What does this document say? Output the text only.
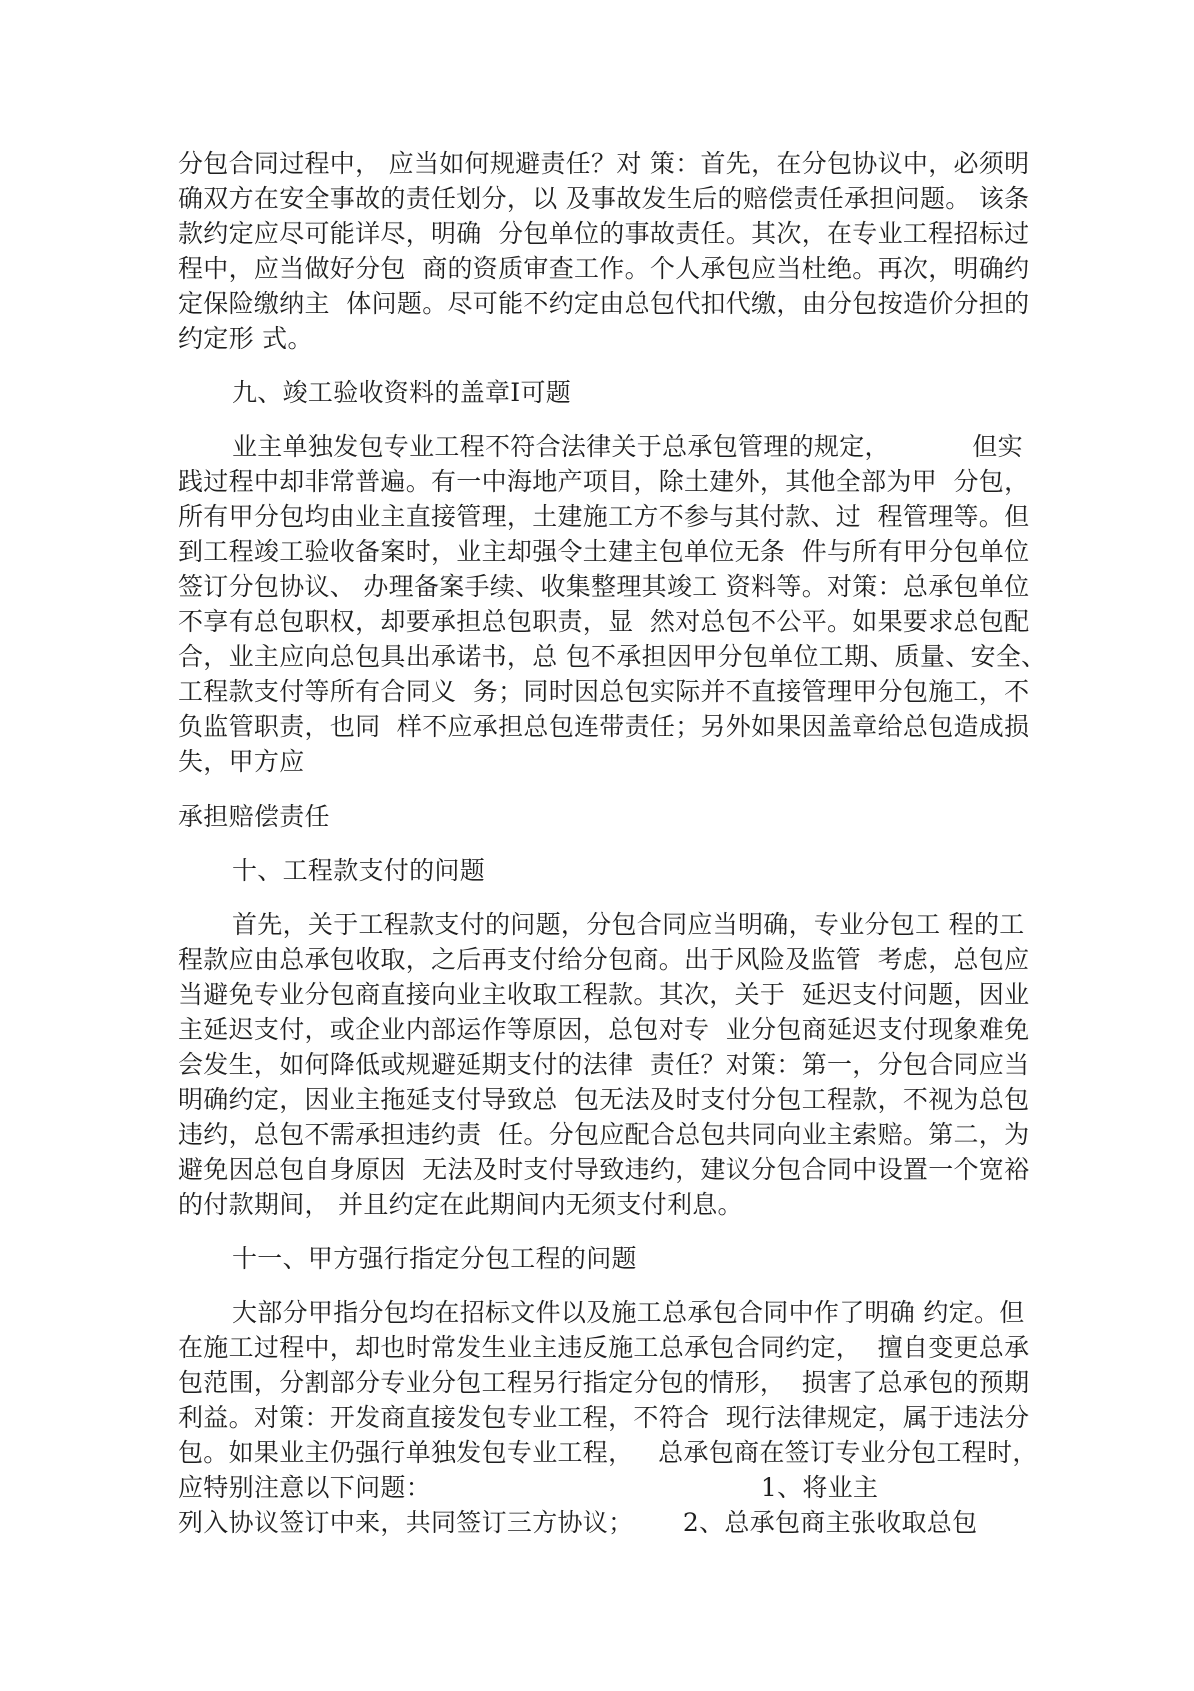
分包合同过程中， 应当如何规避责任？对 策：首先，在分包协议中，必须明
确双方在安全事故的责任划分，以 及事故发生后的赔偿责任承担问题。 该条
款约定应尽可能详尽，明确  分包单位的事故责任。其次，在专业工程招标过
程中，应当做好分包  商的资质审查工作。个人承包应当杜绝。再次，明确约
定保险缴纳主  体问题。尽可能不约定由总包代扣代缴，由分包按造价分担的
约定形 式。
九、竣工验收资料的盖章I可题
业主单独发包专业工程不符合法律关于总承包管理的规定，          但实
践过程中却非常普遍。有一中海地产项目，除土建外，其他全部为甲  分包，
所有甲分包均由业主直接管理，土建施工方不参与其付款、过  程管理等。但
到工程竣工验收备案时，业主却强令土建主包单位无条  件与所有甲分包单位
签订分包协议、 办理备案手续、收集整理其竣工 资料等。对策：总承包单位
不享有总包职权，却要承担总包职责，显  然对总包不公平。如果要求总包配
合，业主应向总包具出承诺书，总 包不承担因甲分包单位工期、质量、安全、
工程款支付等所有合同义  务；同时因总包实际并不直接管理甲分包施工，不
负监管职责，也同  样不应承担总包连带责任；另外如果因盖章给总包造成损
失，甲方应
承担赔偿责任
十、工程款支付的问题
首先，关于工程款支付的问题，分包合同应当明确，专业分包工 程的工
程款应由总承包收取，之后再支付给分包商。出于风险及监管  考虑，总包应
当避免专业分包商直接向业主收取工程款。其次，关于  延迟支付问题，因业
主延迟支付，或企业内部运作等原因，总包对专  业分包商延迟支付现象难免
会发生，如何降低或规避延期支付的法律  责任？对策：第一，分包合同应当
明确约定，因业主拖延支付导致总  包无法及时支付分包工程款，不视为总包
违约，总包不需承担违约责  任。分包应配合总包共同向业主索赔。第二，为
避免因总包自身原因  无法及时支付导致违约，建议分包合同中设置一个宽裕
的付款期间， 并且约定在此期间内无须支付利息。
十一、甲方强行指定分包工程的问题
大部分甲指分包均在招标文件以及施工总承包合同中作了明确 约定。但
在施工过程中，却也时常发生业主违反施工总承包合同约定，  擅自变更总承
包范围，分割部分专业分包工程另行指定分包的情形，  损害了总承包的预期
利益。对策：开发商直接发包专业工程，不符合  现行法律规定，属于违法分
包。如果业主仍强行单独发包专业工程，   总承包商在签订专业分包工程时，
应特别注意以下问题：                                        1、将业主
列入协议签订中来，共同签订三方协议；      2、总承包商主张收取总包
